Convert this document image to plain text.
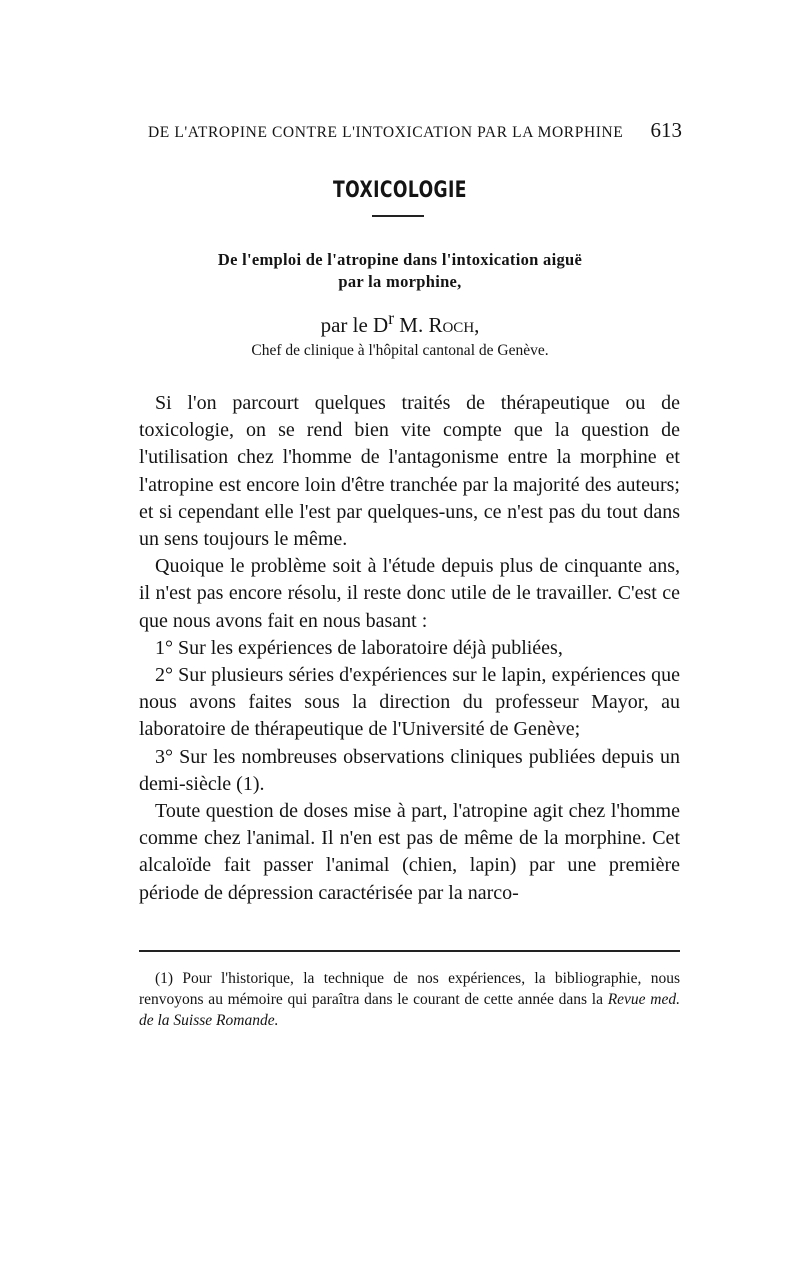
DE L'ATROPINE CONTRE L'INTOXICATION PAR LA MORPHINE 613
TOXICOLOGIE
De l'emploi de l'atropine dans l'intoxication aiguë
par la morphine,
par le $D^r$ M. Roch,
Chef de clinique à l'hôpital cantonal de Genève.

Si l'on parcourt quelques traités de thérapeutique ou de toxicologie, on se rend bien vite compte que la question de l'utilisation chez l'homme de l'antagonisme entre la morphine et l'atropine est encore loin d'être tranchée par la majorité des auteurs; et si cependant elle l'est par quelques-uns, ce n'est pas du tout dans un sens toujours le même.

Quoique le problème soit à l'étude depuis plus de cinquante ans, il n'est pas encore résolu, il reste donc utile de le travailler. C'est ce que nous avons fait en nous basant :

1° Sur les expériences de laboratoire déjà publiées,

2° Sur plusieurs séries d'expériences sur le lapin, expériences que nous avons faites sous la direction du professeur Mayor, au laboratoire de thérapeutique de l'Université de Genève;

3° Sur les nombreuses observations cliniques publiées depuis un demi-siècle (1).

Toute question de doses mise à part, l'atropine agit chez l'homme comme chez l'animal. Il n'en est pas de même de la morphine. Cet alcaloïde fait passer l'animal (chien, lapin) par une première période de dépression caractérisée par la narco-

(1) Pour l'historique, la technique de nos expériences, la bibliographie, nous renvoyons au mémoire qui paraîtra dans le courant de cette année dans la Revue med. de la Suisse Romande.
